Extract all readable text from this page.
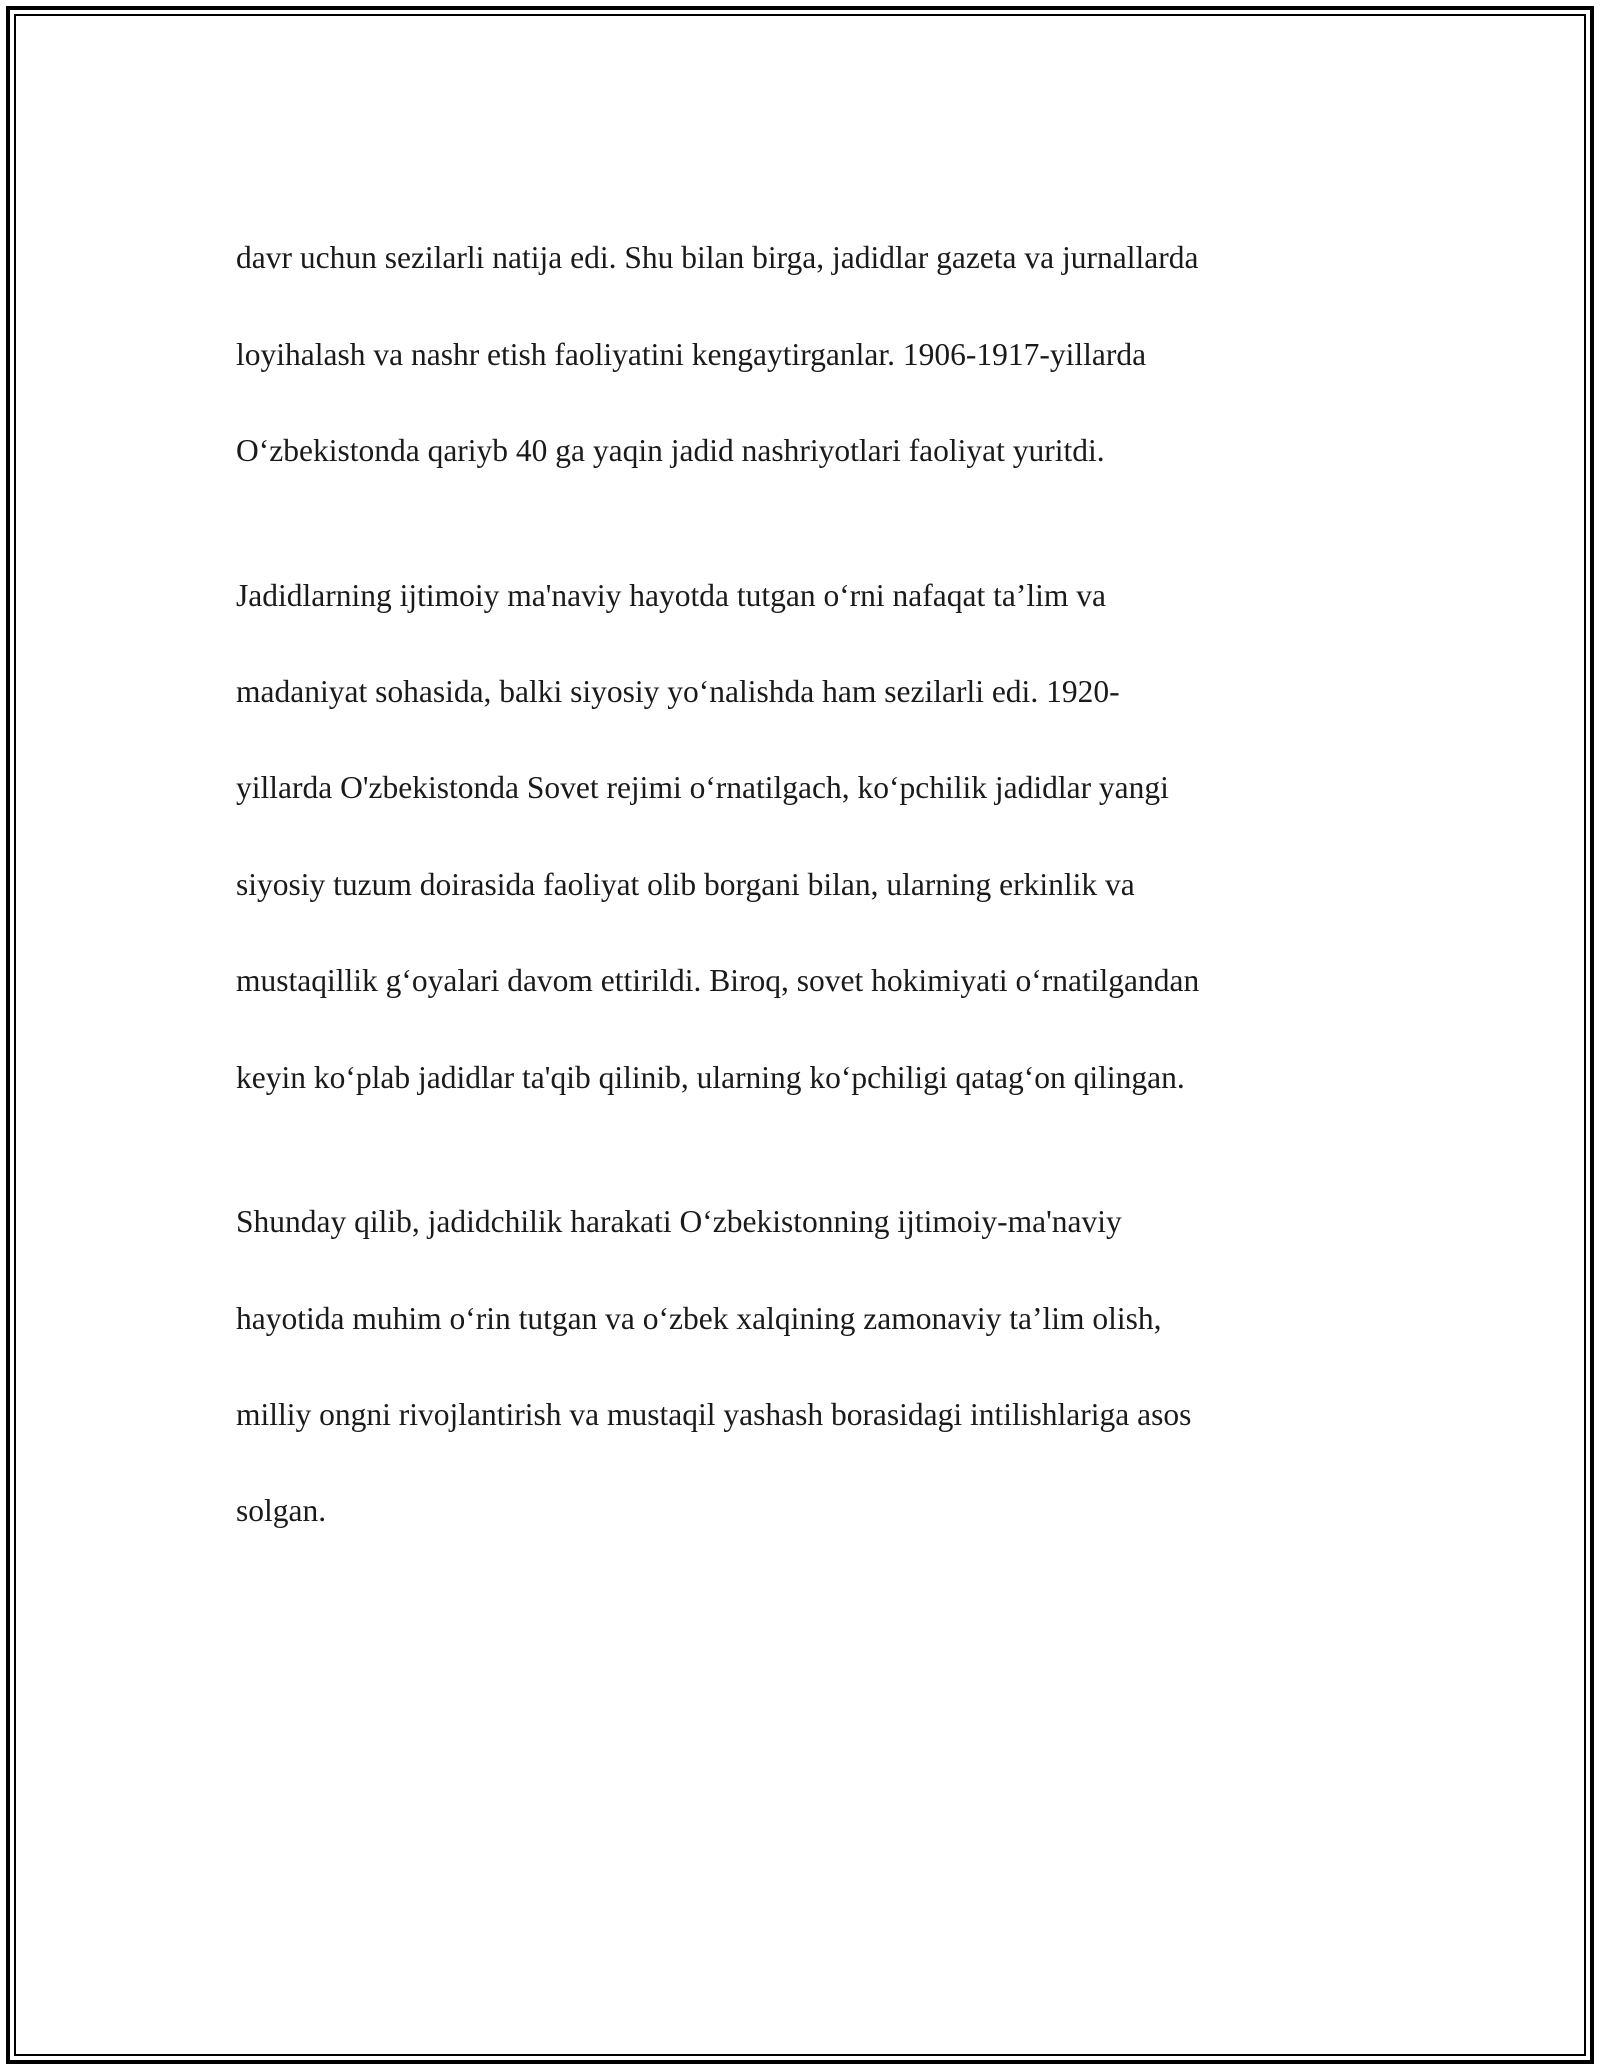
davr uchun sezilarli natija edi. Shu bilan birga, jadidlar gazeta va jurnallarda

loyihalash va nashr etish faoliyatini kengaytirganlar. 1906-1917-yillarda

O‘zbekistonda qariyb 40 ga yaqin jadid nashriyotlari faoliyat yuritdi.

Jadidlarning ijtimoiy ma'naviy hayotda tutgan o‘rni nafaqat ta’lim va

madaniyat sohasida, balki siyosiy yo‘nalishda ham sezilarli edi. 1920-

yillarda O'zbekistonda Sovet rejimi o‘rnatilgach, ko‘pchilik jadidlar yangi

siyosiy tuzum doirasida faoliyat olib borgani bilan, ularning erkinlik va

mustaqillik g‘oyalari davom ettirildi. Biroq, sovet hokimiyati o‘rnatilgandan

keyin ko‘plab jadidlar ta'qib qilinib, ularning ko‘pchiligi qatag‘on qilingan.

Shunday qilib, jadidchilik harakati O‘zbekistonning ijtimoiy-ma'naviy

hayotida muhim o‘rin tutgan va o‘zbek xalqining zamonaviy ta’lim olish,

milliy ongni rivojlantirish va mustaqil yashash borasidagi intilishlariga asos

solgan.
